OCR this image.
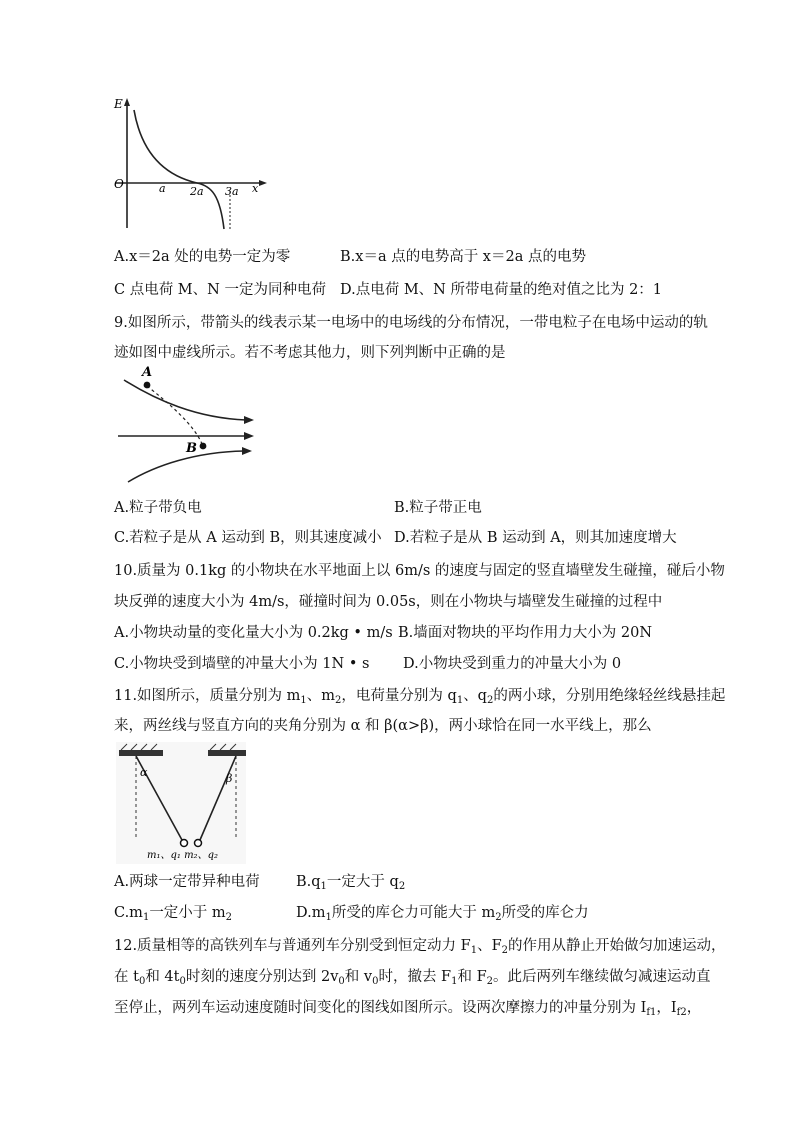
E
O	a 2a 3a x
A.x＝2a 处的电势一定为零	B.x＝a 点的电势高于 x＝2a 点的电势
C 点电荷 M、N 一定为同种电荷 D.点电荷 M、N 所带电荷量的绝对值之比为 2：1
9.如图所示，带箭头的线表示某一电场中的电场线的分布情况，一带电粒子在电场中运动的轨
迹如图中虚线所示。若不考虑其他力，则下列判断中正确的是
A
B
A.粒子带负电	B.粒子带正电
C.若粒子是从 A 运动到 B，则其速度减小 D.若粒子是从 B 运动到 A，则其加速度增大
10.质量为 0.1kg 的小物块在水平地面上以 6m/s 的速度与固定的竖直墙壁发生碰撞，碰后小物
块反弹的速度大小为 4m/s，碰撞时间为 0.05s，则在小物块与墙壁发生碰撞的过程中
A.小物块动量的变化量大小为 0.2kg • m/s B.墙面对物块的平均作用力大小为 20N
C.小物块受到墙壁的冲量大小为 1N • s D.小物块受到重力的冲量大小为 0
11.如图所示，质量分别为 $m_1$、$m_2$，电荷量分别为 $q_1$、$q_2$的两小球，分别用绝缘轻丝线悬挂起
来，两丝线与竖直方向的夹角分别为 α 和 β(α>β)，两小球恰在同一水平线上，那么
α	β
m₁、q₁ m₂、q₂
A.两球一定带异种电荷	$B.q_1$一定大于 $q_2$
$C.m_1$一定小于 $m_2$	$D.m_1$所受的库仑力可能大于 $m_2$所受的库仑力
12.质量相等的高铁列车与普通列车分别受到恒定动力 $F_1$、$F_2$的作用从静止开始做匀加速运动，
在 $t_0$和 $4t_0$时刻的速度分别达到 $2v_0$和 $v_0$时，撤去 $F_1$和 $F_2$。此后两列车继续做匀减速运动直
至停止，两列车运动速度随时间变化的图线如图所示。设两次摩擦力的冲量分别为 $I_{f1}$，$I_{f2}$，
